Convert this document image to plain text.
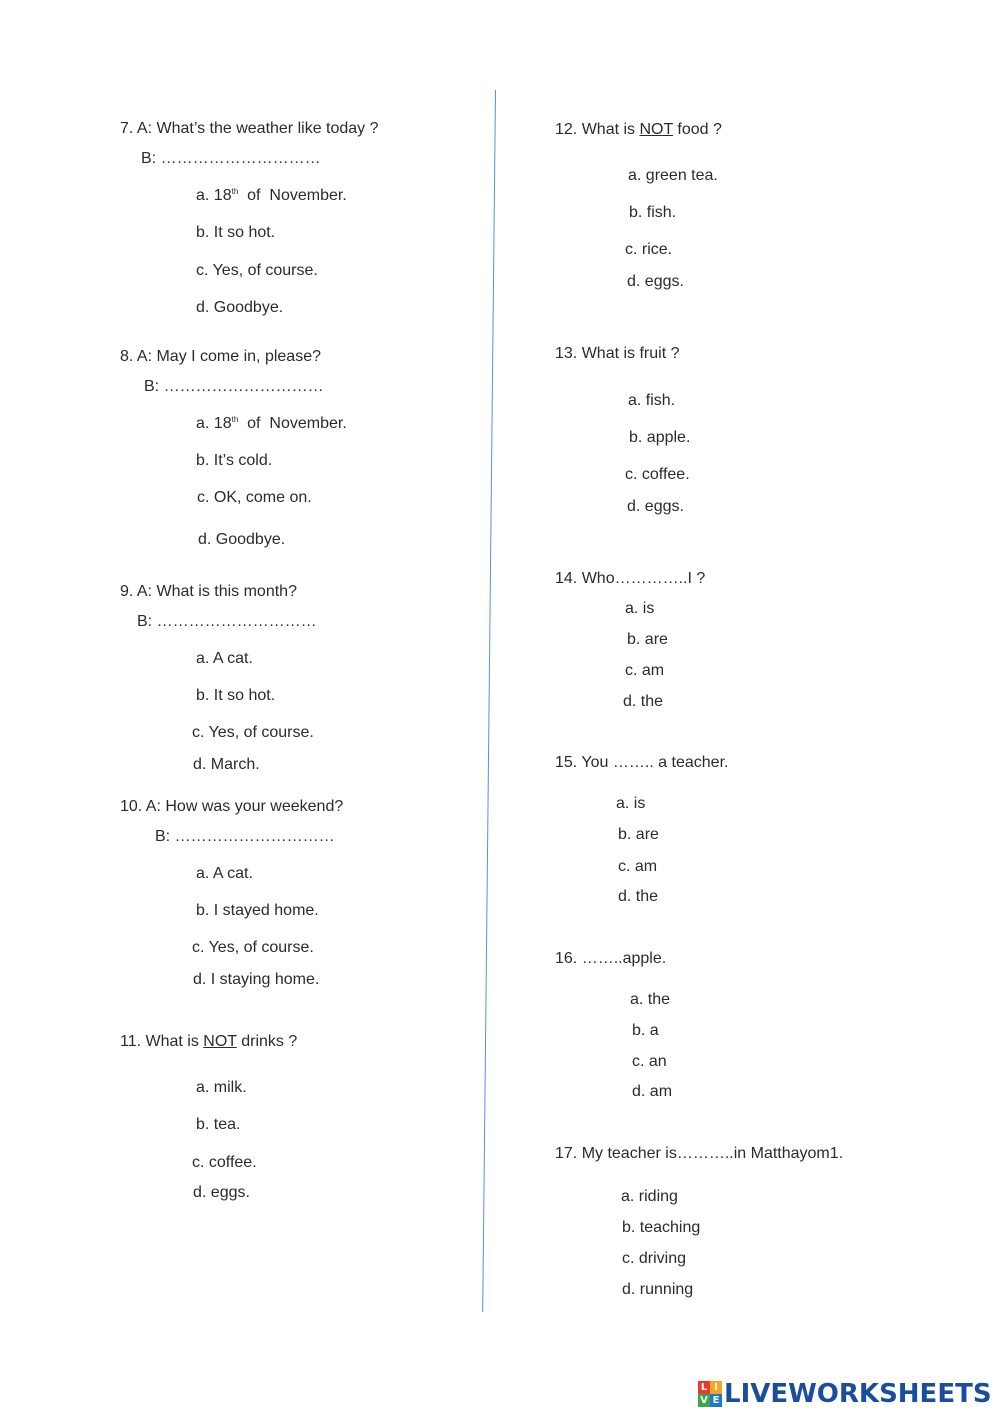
7. A: What’s the weather like today ?
B: …………………………
a. 18th  of  November.
b. It so hot.
c. Yes, of course.
d. Goodbye.
8. A: May I come in, please?
B: …………………………
a. 18th  of  November.
b. It’s cold.
c. OK, come on.
d. Goodbye.
9. A: What is this month?
B: …………………………
a. A cat.
b. It so hot.
c. Yes, of course.
d. March.
10. A: How was your weekend?
B: …………………………
a. A cat.
b. I stayed home.
c. Yes, of course.
d. I staying home.
11. What is NOT drinks ?
a. milk.
b. tea.
c. coffee.
d. eggs.
12. What is NOT food ?
a. green tea.
b. fish.
c. rice.
d. eggs.
13. What is fruit ?
a. fish.
b. apple.
c. coffee.
d. eggs.
14. Who…………..I ?
a. is
b. are
c. am
d. the
15. You …….. a teacher.
a. is
b. are
c. am
d. the
16. ……..apple.
a. the
b. a
c. an
d. am
17. My teacher is………..in Matthayom1.
a. riding
b. teaching
c. driving
d. running
L I
V E LIVEWORKSHEETS
